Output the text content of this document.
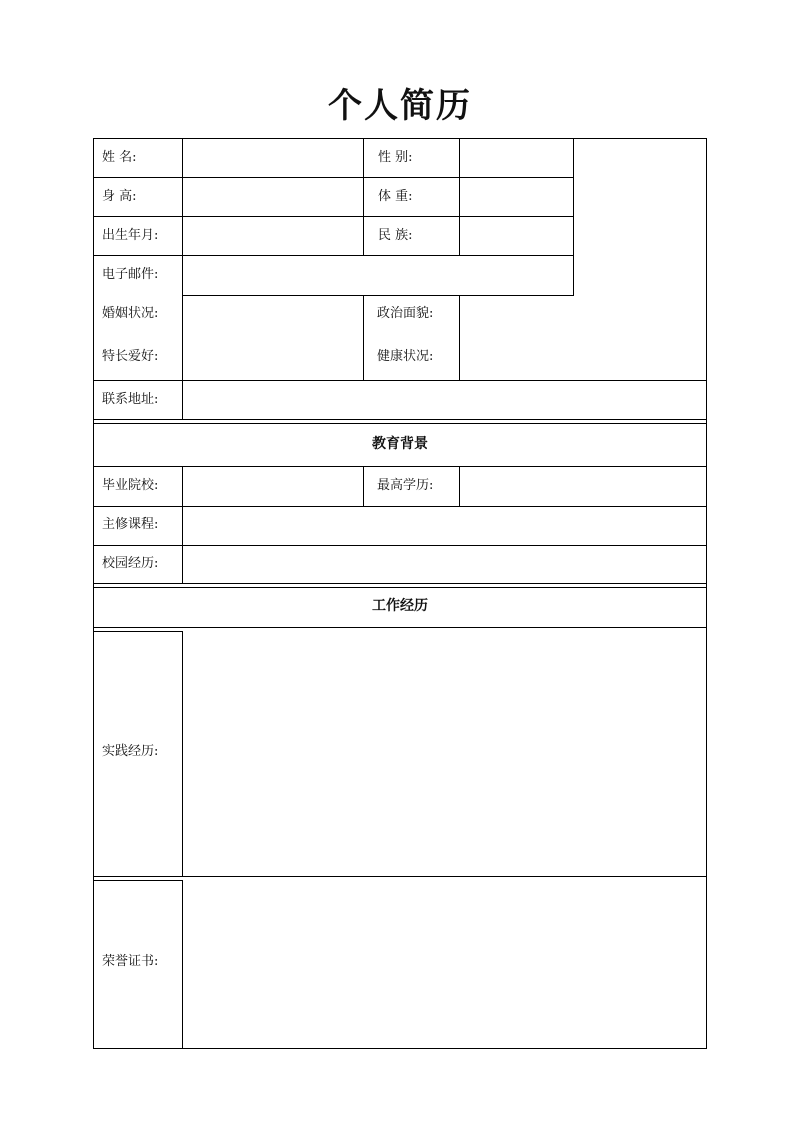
个人简历
姓 名:	性 别:
身 高:	体 重:
出生年月:	民 族:
电子邮件:
婚姻状况:	政治面貌:
特长爱好:	健康状况:
联系地址:
教育背景
毕业院校:	最高学历:
主修课程:
校园经历:
工作经历
实践经历:
荣誉证书:
